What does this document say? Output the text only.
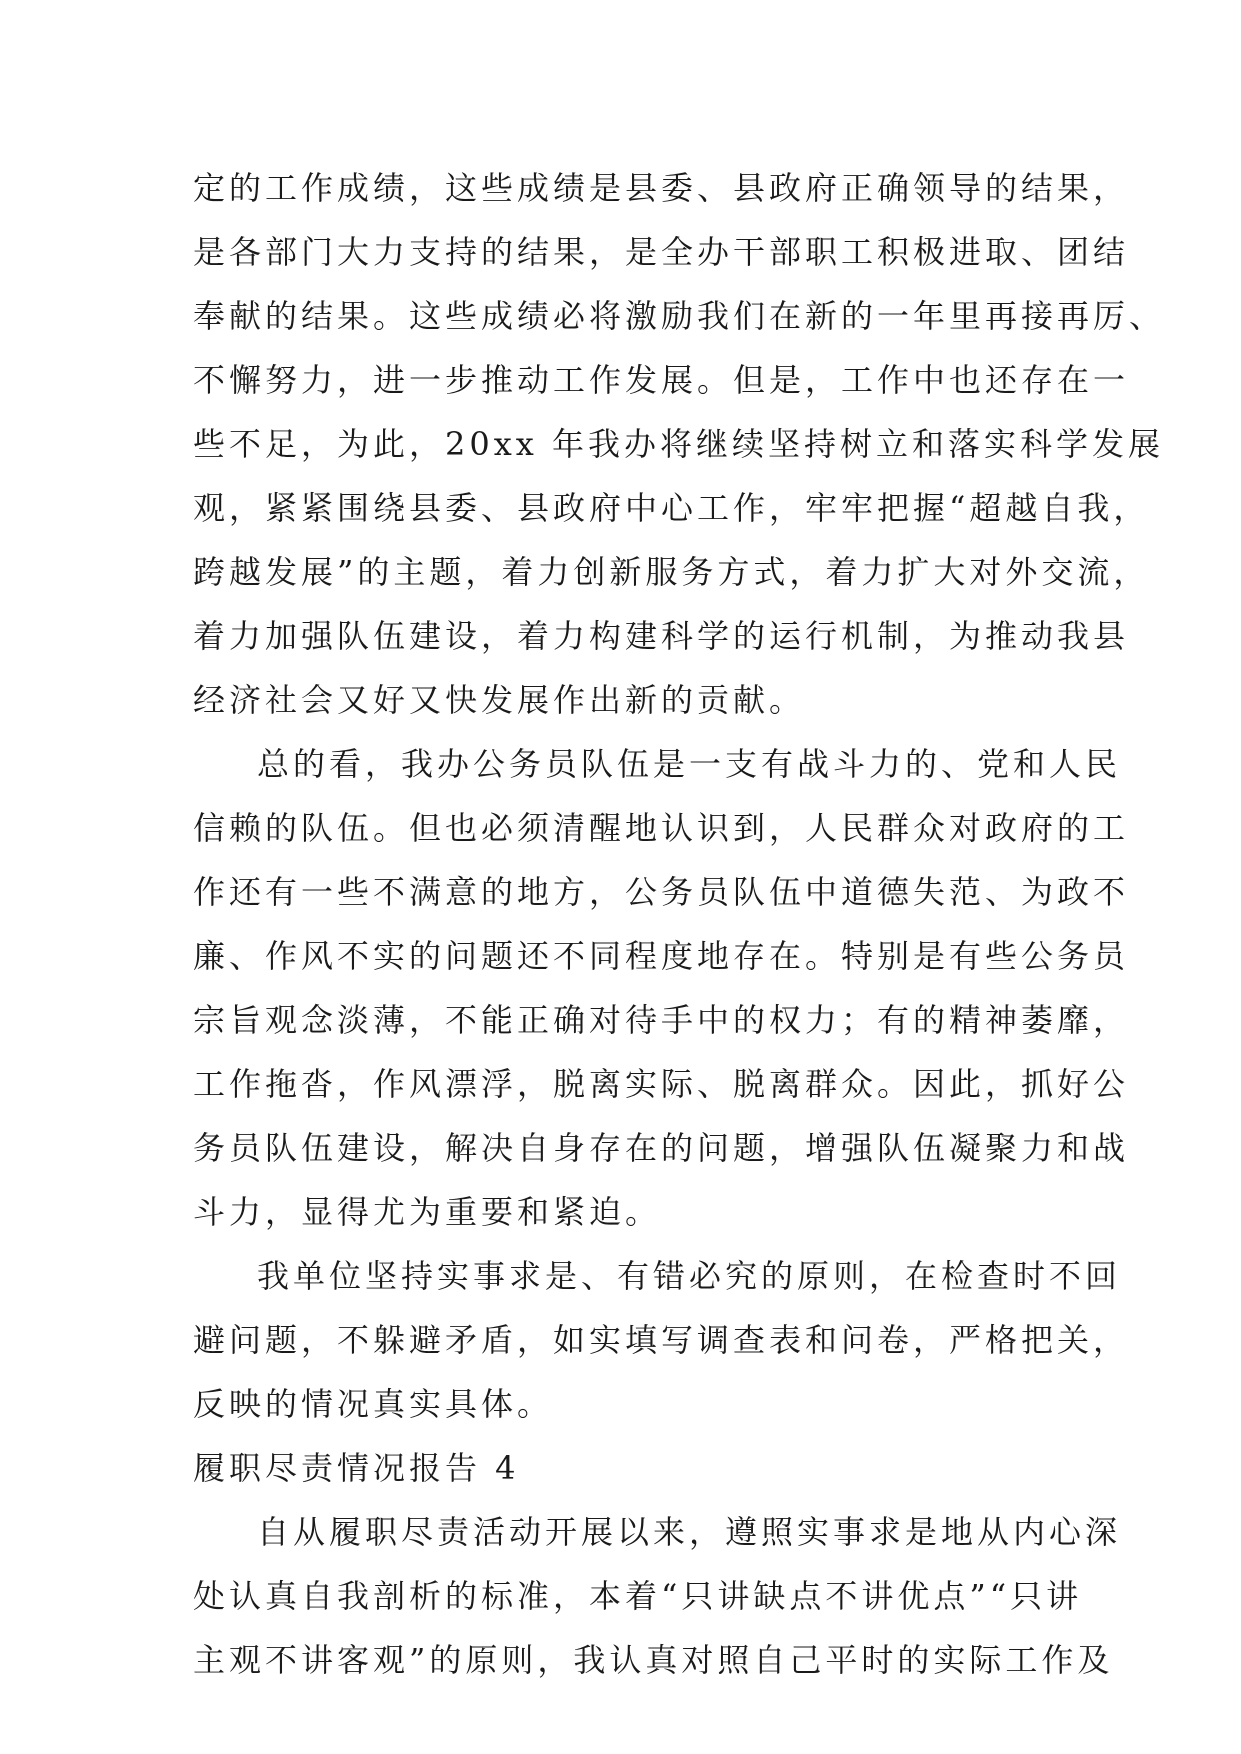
定的工作成绩，这些成绩是县委、县政府正确领导的结果，
是各部门大力支持的结果，是全办干部职工积极进取、团结
奉献的结果。这些成绩必将激励我们在新的一年里再接再厉、
不懈努力，进一步推动工作发展。但是，工作中也还存在一
些不足，为此，20xx 年我办将继续坚持树立和落实科学发展
观，紧紧围绕县委、县政府中心工作，牢牢把握“超越自我，
跨越发展”的主题，着力创新服务方式，着力扩大对外交流，
着力加强队伍建设，着力构建科学的运行机制，为推动我县
经济社会又好又快发展作出新的贡献。
总的看，我办公务员队伍是一支有战斗力的、党和人民
信赖的队伍。但也必须清醒地认识到，人民群众对政府的工
作还有一些不满意的地方，公务员队伍中道德失范、为政不
廉、作风不实的问题还不同程度地存在。特别是有些公务员
宗旨观念淡薄，不能正确对待手中的权力；有的精神萎靡，
工作拖沓，作风漂浮，脱离实际、脱离群众。因此，抓好公
务员队伍建设，解决自身存在的问题，增强队伍凝聚力和战
斗力，显得尤为重要和紧迫。
我单位坚持实事求是、有错必究的原则，在检查时不回
避问题，不躲避矛盾，如实填写调查表和问卷，严格把关，
反映的情况真实具体。
履职尽责情况报告 4
自从履职尽责活动开展以来，遵照实事求是地从内心深
处认真自我剖析的标准，本着“只讲缺点不讲优点”“只讲
主观不讲客观”的原则，我认真对照自己平时的实际工作及
